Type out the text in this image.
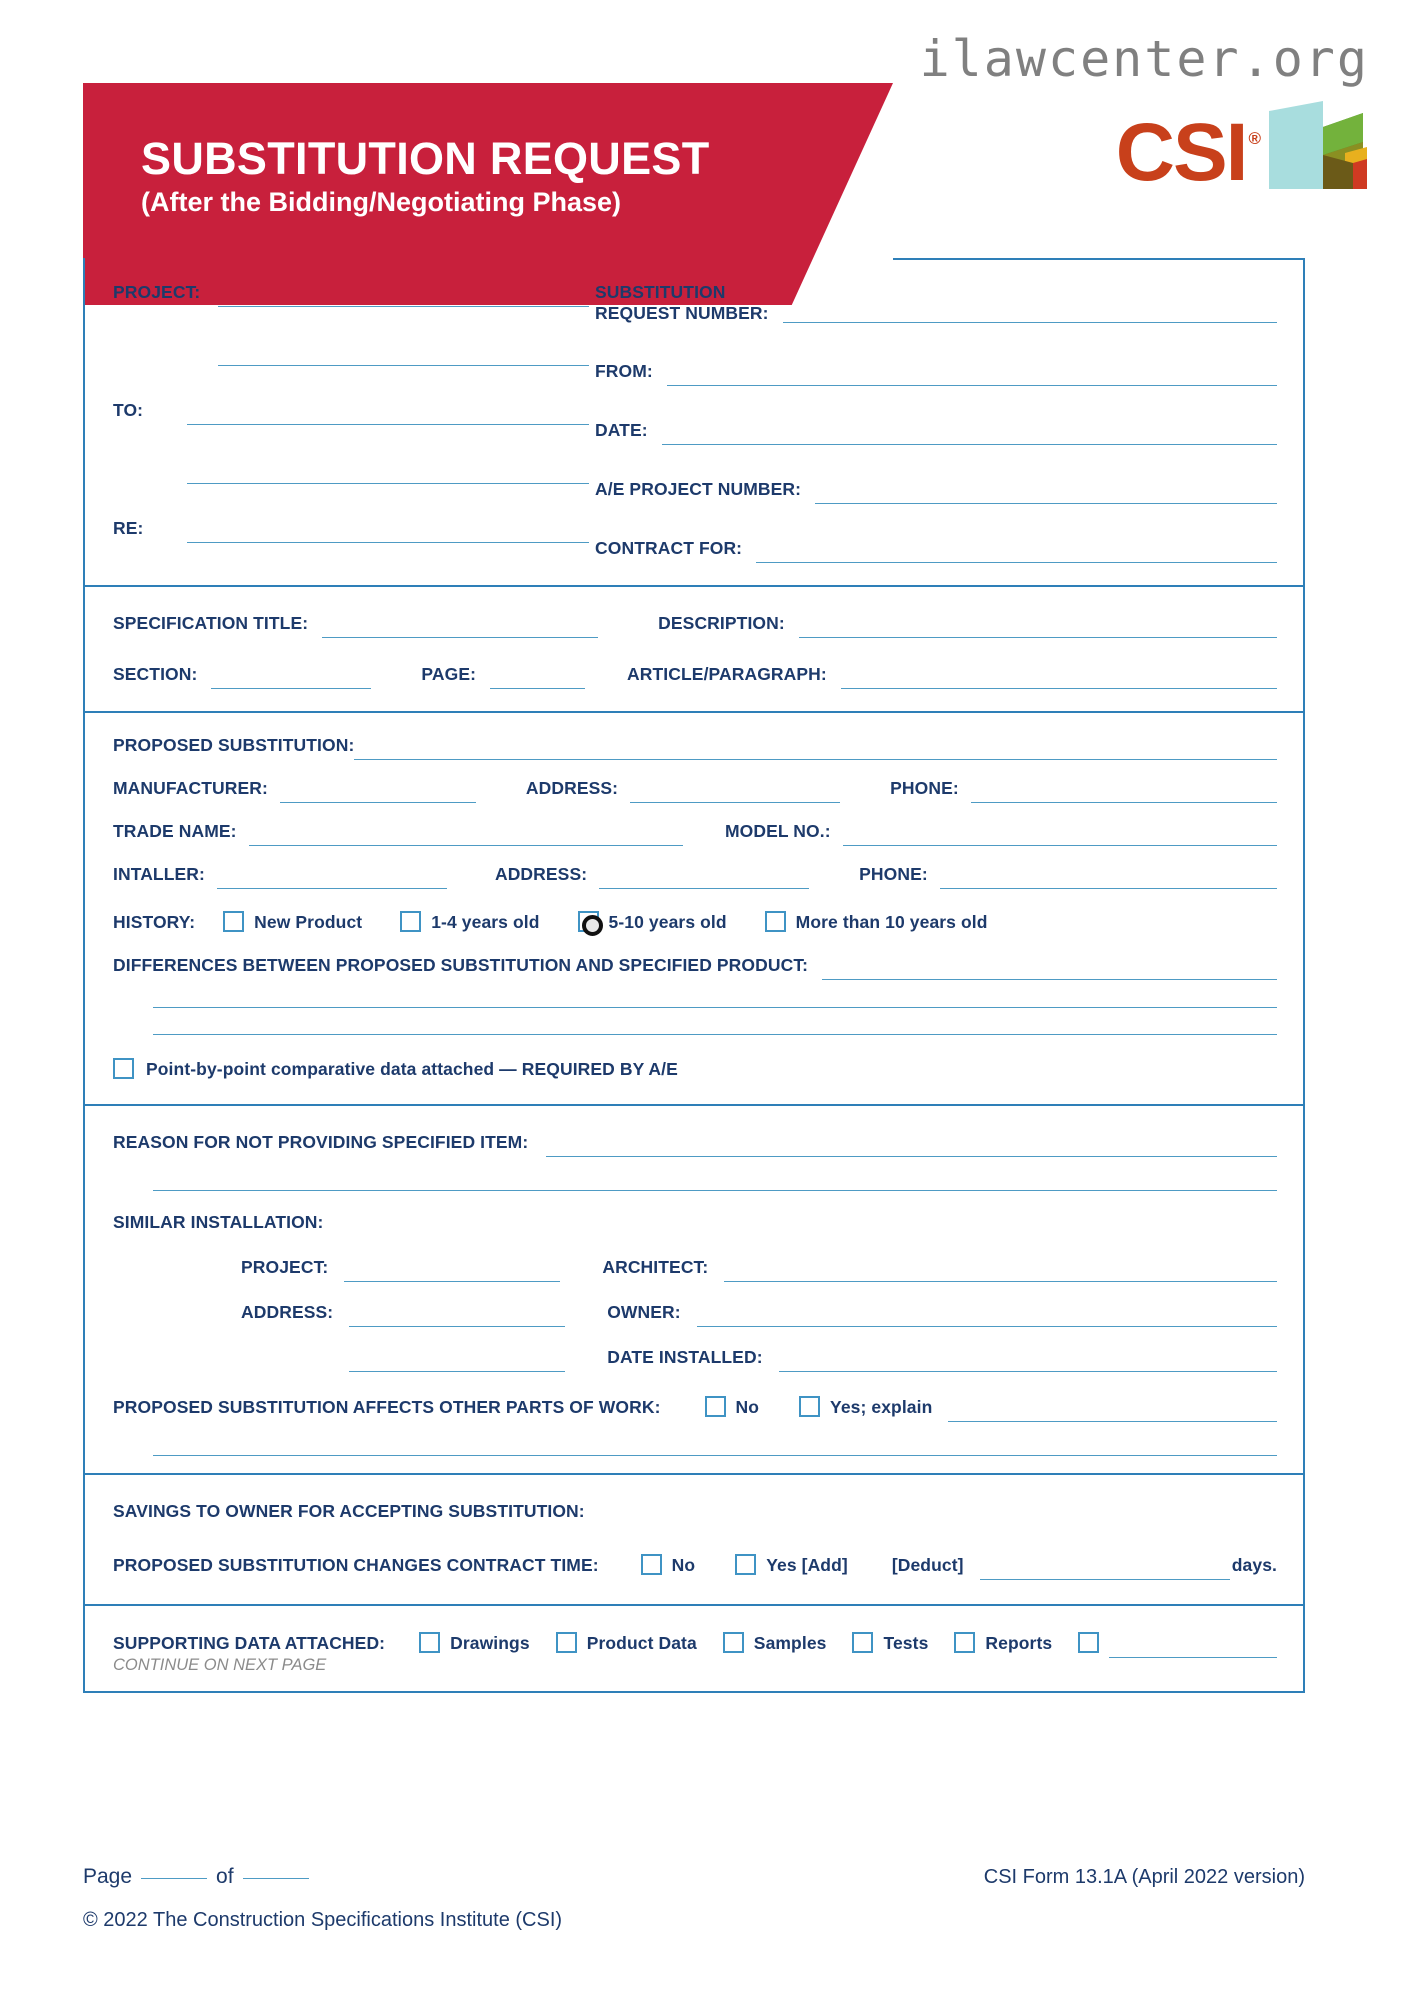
ilawcenter.org
SUBSTITUTION REQUEST
(After the Bidding/Negotiating Phase)
CSI ®
PROJECT:
TO:
RE:
SUBSTITUTION
REQUEST NUMBER:
FROM:
DATE:
A/E PROJECT NUMBER:
CONTRACT FOR:
SPECIFICATION TITLE:	DESCRIPTION:
SECTION:	PAGE:	ARTICLE/PARAGRAPH:
PROPOSED SUBSTITUTION:
MANUFACTURER:	ADDRESS:	PHONE:
TRADE NAME:	MODEL NO.:
INTALLER:	ADDRESS:	PHONE:
HISTORY:	New Product	1-4 years old	5-10 years old	More than 10 years old
DIFFERENCES BETWEEN PROPOSED SUBSTITUTION AND SPECIFIED PRODUCT:
Point-by-point comparative data attached — REQUIRED BY A/E
REASON FOR NOT PROVIDING SPECIFIED ITEM:
SIMILAR INSTALLATION:
PROJECT:	ARCHITECT:
ADDRESS:	OWNER:
DATE INSTALLED:
PROPOSED SUBSTITUTION AFFECTS OTHER PARTS OF WORK:	No	Yes; explain
SAVINGS TO OWNER FOR ACCEPTING SUBSTITUTION:
PROPOSED SUBSTITUTION CHANGES CONTRACT TIME:	No	Yes [Add]	[Deduct]	days.
SUPPORTING DATA ATTACHED:	Drawings	Product Data	Samples	Tests	Reports
CONTINUE ON NEXT PAGE
Page	of	CSI Form 13.1A (April 2022 version)
© 2022 The Construction Specifications Institute (CSI)
